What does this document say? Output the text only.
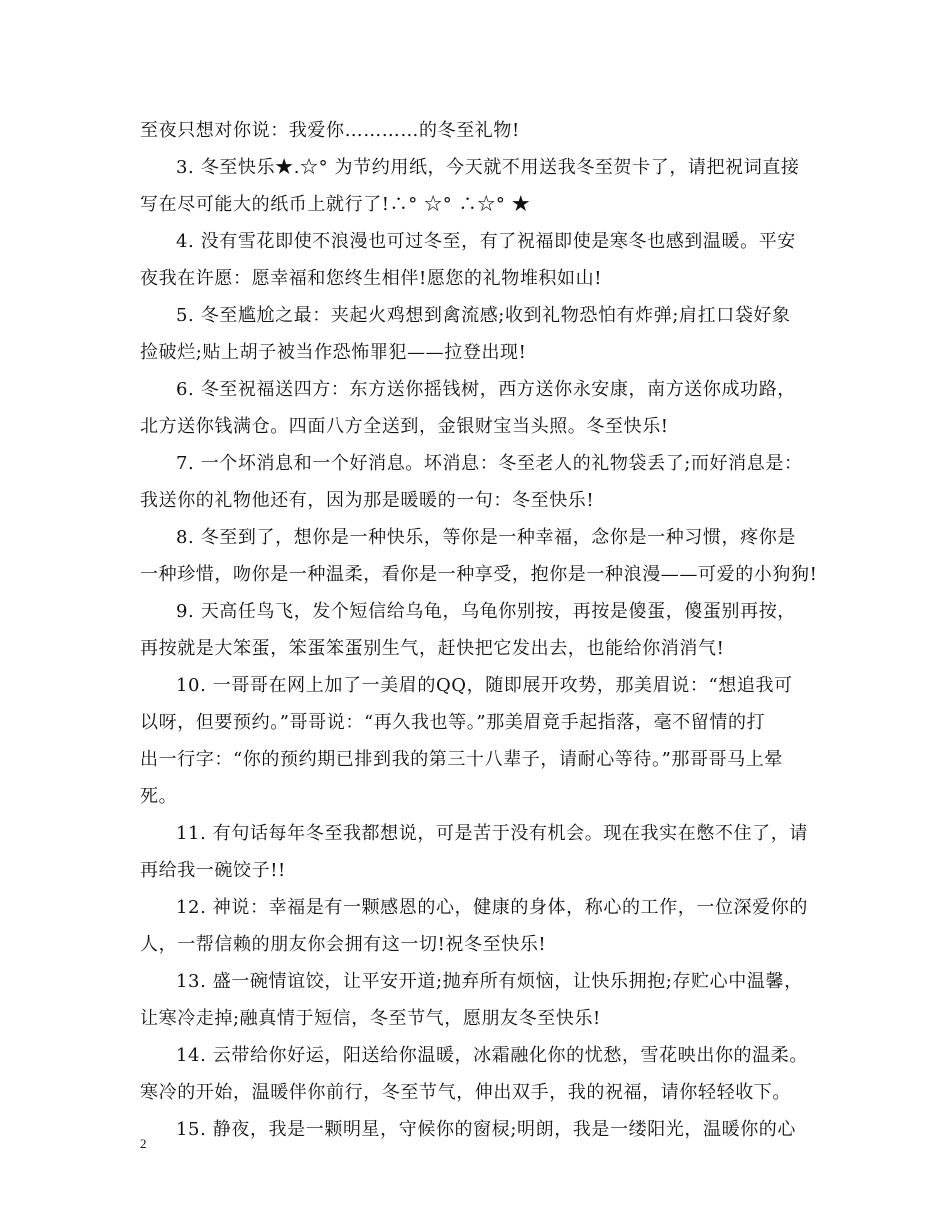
至夜只想对你说：我爱你…………的冬至礼物!
3. 冬至快乐★.☆° 为节约用纸，今天就不用送我冬至贺卡了，请把祝词直接
写在尽可能大的纸币上就行了!∴° ☆° ∴☆° ★
4. 没有雪花即使不浪漫也可过冬至，有了祝福即使是寒冬也感到温暖。平安
夜我在许愿：愿幸福和您终生相伴!愿您的礼物堆积如山!
5. 冬至尴尬之最：夹起火鸡想到禽流感;收到礼物恐怕有炸弹;肩扛口袋好象
捡破烂;贴上胡子被当作恐怖罪犯——拉登出现!
6. 冬至祝福送四方：东方送你摇钱树，西方送你永安康，南方送你成功路，
北方送你钱满仓。四面八方全送到，金银财宝当头照。冬至快乐!
7. 一个坏消息和一个好消息。坏消息：冬至老人的礼物袋丢了;而好消息是：
我送你的礼物他还有，因为那是暖暖的一句：冬至快乐!
8. 冬至到了，想你是一种快乐，等你是一种幸福，念你是一种习惯，疼你是
一种珍惜，吻你是一种温柔，看你是一种享受，抱你是一种浪漫——可爱的小狗狗!
9. 天高任鸟飞，发个短信给乌龟，乌龟你别按，再按是傻蛋，傻蛋别再按，
再按就是大笨蛋，笨蛋笨蛋别生气，赶快把它发出去，也能给你消消气!
10. 一哥哥在网上加了一美眉的QQ，随即展开攻势，那美眉说：“想追我可
以呀，但要预约。”哥哥说：“再久我也等。”那美眉竟手起指落，毫不留情的打
出一行字：“你的预约期已排到我的第三十八辈子，请耐心等待。”那哥哥马上晕
死。
11. 有句话每年冬至我都想说，可是苦于没有机会。现在我实在憋不住了，请
再给我一碗饺子!!
12. 神说：幸福是有一颗感恩的心，健康的身体，称心的工作，一位深爱你的
人，一帮信赖的朋友你会拥有这一切!祝冬至快乐!
13. 盛一碗情谊饺，让平安开道;抛弃所有烦恼，让快乐拥抱;存贮心中温馨，
让寒冷走掉;融真情于短信，冬至节气，愿朋友冬至快乐!
14. 云带给你好运，阳送给你温暖，冰霜融化你的忧愁，雪花映出你的温柔。
寒冷的开始，温暖伴你前行，冬至节气，伸出双手，我的祝福，请你轻轻收下。
15. 静夜，我是一颗明星，守候你的窗棂;明朗，我是一缕阳光，温暖你的心
2
